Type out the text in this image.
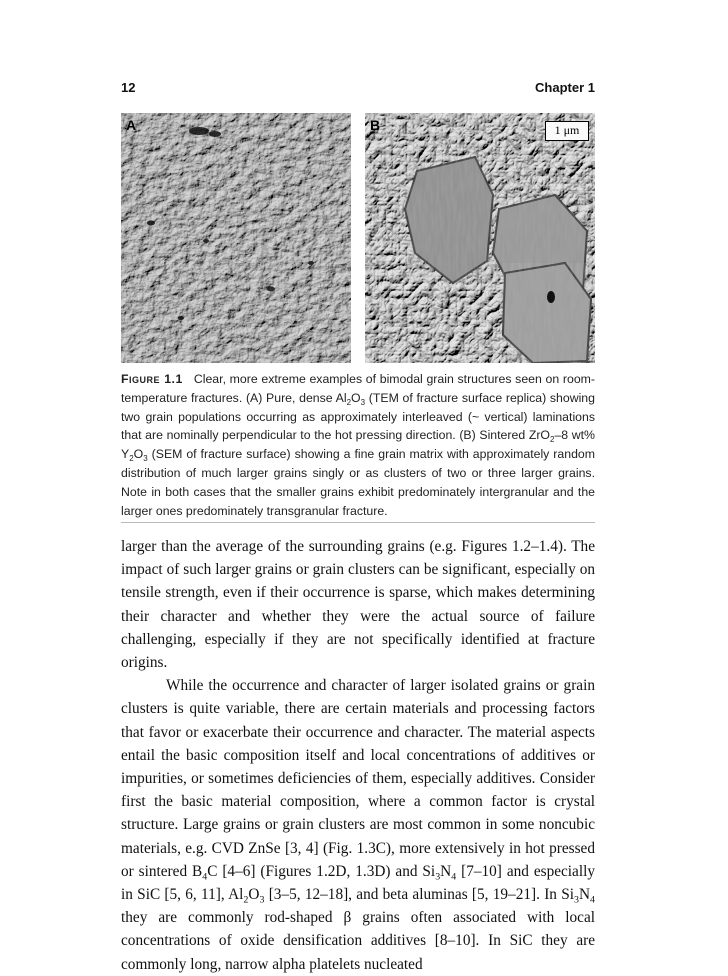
12	Chapter 1
A	B	1 μm
Figure 1.1 Clear, more extreme examples of bimodal grain structures seen on room-temperature fractures. (A) Pure, dense $Al_2O_3$ (TEM of fracture surface replica) showing two grain populations occurring as approximately interleaved (~ vertical) laminations that are nominally perpendicular to the hot pressing direction. (B) Sintered ZrO$_2$–8 wt% $Y_2O_3$ (SEM of fracture surface) showing a fine grain matrix with approximately random distribution of much larger grains singly or as clusters of two or three larger grains. Note in both cases that the smaller grains exhibit predominately intergranular and the larger ones predominately transgranular fracture.

larger than the average of the surrounding grains (e.g. Figures 1.2–1.4). The impact of such larger grains or grain clusters can be significant, especially on tensile strength, even if their occurrence is sparse, which makes determining their character and whether they were the actual source of failure challenging, especially if they are not specifically identified at fracture origins.

While the occurrence and character of larger isolated grains or grain clusters is quite variable, there are certain materials and processing factors that favor or exacerbate their occurrence and character. The material aspects entail the basic composition itself and local concentrations of additives or impurities, or sometimes deficiencies of them, especially additives. Consider first the basic material composition, where a common factor is crystal structure. Large grains or grain clusters are most common in some noncubic materials, e.g. CVD ZnSe [3, 4] (Fig. 1.3C), more extensively in hot pressed or sintered $B_4C$ [4–6] (Figures 1.2D, 1.3D) and $Si_3N_4$ [7–10] and especially in SiC [5, 6, 11], $Al_2O_3$ [3–5, 12–18], and beta aluminas [5, 19–21]. In $Si_3N_4$ they are commonly rod-shaped β grains often associated with local concentrations of oxide densification additives [8–10]. In SiC they are commonly long, narrow alpha platelets nucleated
